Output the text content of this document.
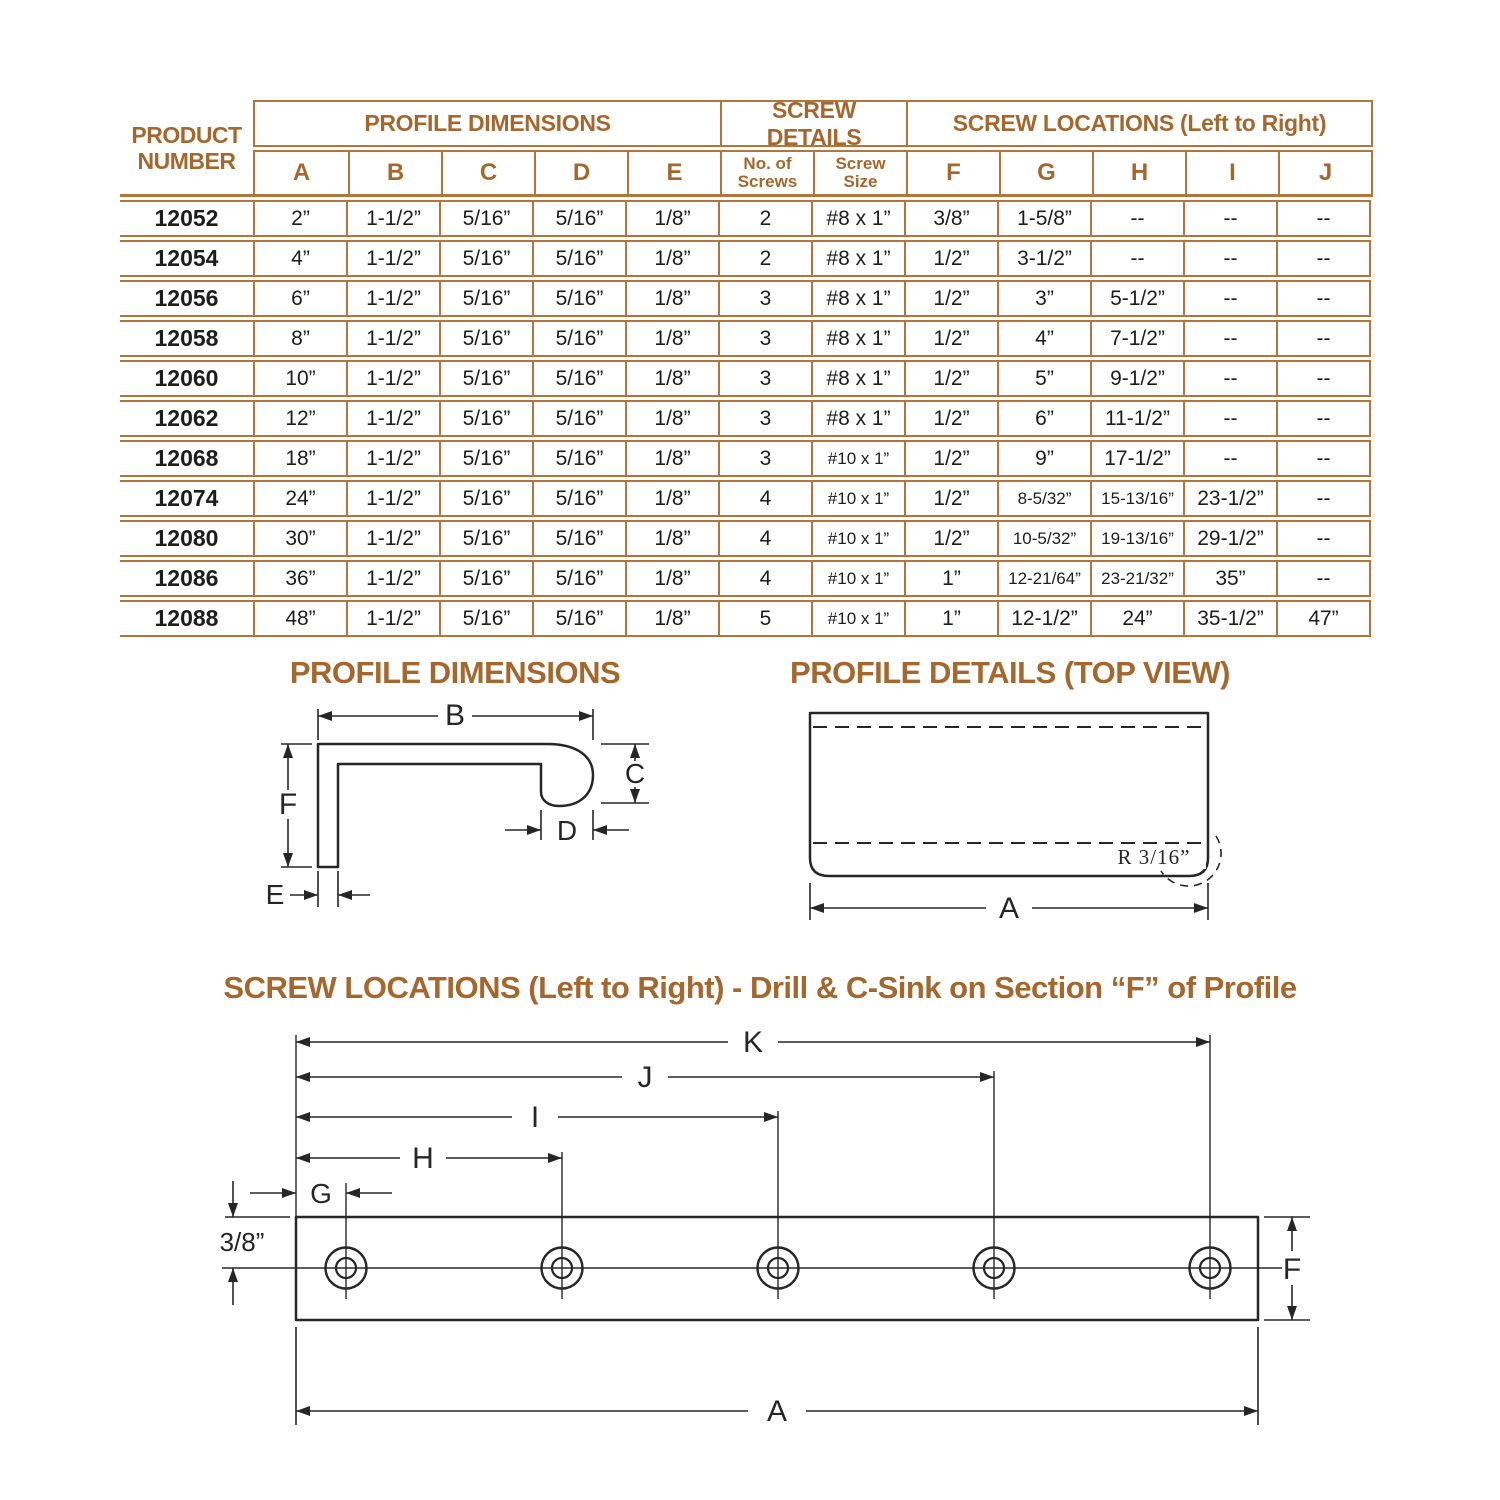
PRODUCT
NUMBER
PROFILE DIMENSIONS
SCREW DETAILS
SCREW LOCATIONS (Left to Right)
A	B	C	D	E	No. of
Screws
Screw
Size	F	G	H	I	J
12052	2”	1-1/2”	5/16”	5/16”	1/8”	2	#8 x 1”	3/8”	1-5/8”	--	--	--
12054	4”	1-1/2”	5/16”	5/16”	1/8”	2	#8 x 1”	1/2”	3-1/2”	--	--	--
12056	6”	1-1/2”	5/16”	5/16”	1/8”	3	#8 x 1”	1/2”	3”	5-1/2”	--	--
12058	8”	1-1/2”	5/16”	5/16”	1/8”	3	#8 x 1”	1/2”	4”	7-1/2”	--	--
12060	10”	1-1/2”	5/16”	5/16”	1/8”	3	#8 x 1”	1/2”	5”	9-1/2”	--	--
12062	12”	1-1/2”	5/16”	5/16”	1/8”	3	#8 x 1”	1/2”	6”	11-1/2”	--	--
12068	18”	1-1/2”	5/16”	5/16”	1/8”	3	#10 x 1”	1/2”	9”	17-1/2”	--	--
12074	24”	1-1/2”	5/16”	5/16”	1/8”	4	#10 x 1”	1/2”	8-5/32”	15-13/16”	23-1/2”	--
12080	30”	1-1/2”	5/16”	5/16”	1/8”	4	#10 x 1”	1/2”	10-5/32”	19-13/16”	29-1/2”	--
12086	36”	1-1/2”	5/16”	5/16”	1/8”	4	#10 x 1”	1”	12-21/64”	23-21/32”	35”	--
12088	48”	1-1/2”	5/16”	5/16”	1/8”	5	#10 x 1”	1”	12-1/2”	24”	35-1/2”	47”
PROFILE DIMENSIONS
B
F
C
D
E
PROFILE DETAILS (TOP VIEW)
R 3/16”
A
SCREW LOCATIONS (Left to Right) - Drill & C-Sink on Section “F” of Profile
K
J
I
H
G
3/8”
F
A
